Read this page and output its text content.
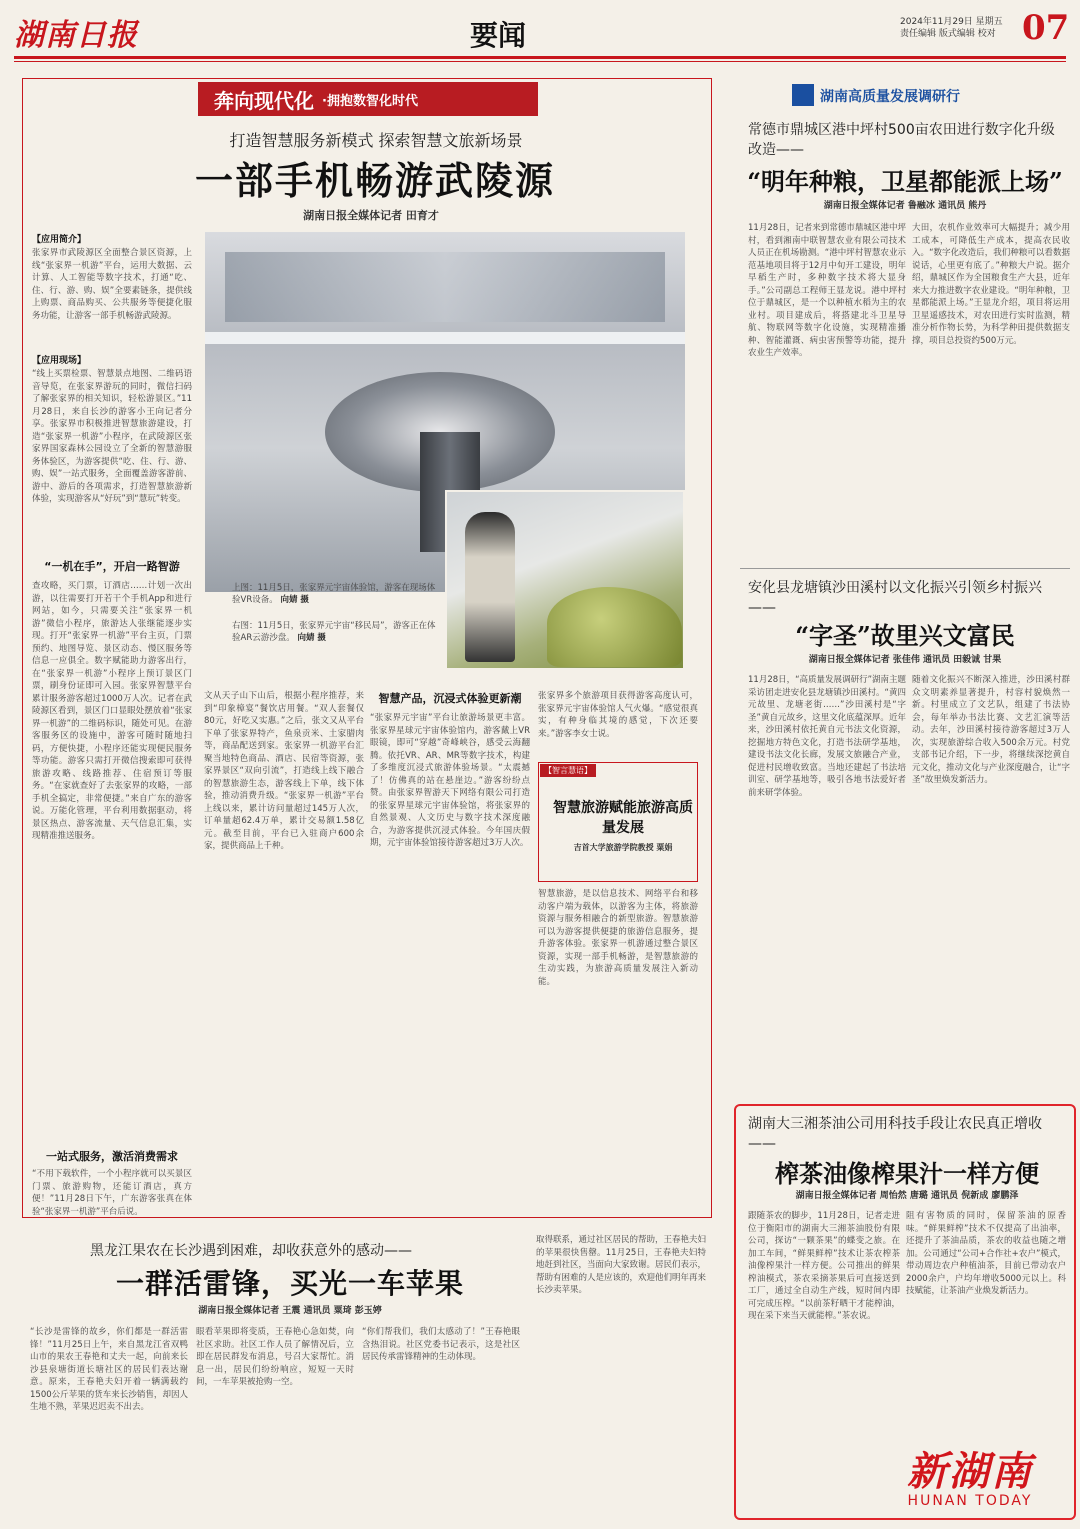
湖南日报	要闻	2024年11月29日 星期五
责任编辑 版式编辑 校对 07
奔向现代化 ·拥抱数智化时代
打造智慧服务新模式 探索智慧文旅新场景
一部手机畅游武陵源
湖南日报全媒体记者 田育才
【应用简介】
张家界市武陵源区全面整合景区资源，上线“张家界一机游”平台，运用大数据、云计算、人工智能等数字技术，打通“吃、住、行、游、购、娱”全要素链条，提供线上购票、商品购买、公共服务等便捷化服务功能，让游客一部手机畅游武陵源。
【应用现场】
“线上买票检票、智慧景点地图、二维码语音导览，在张家界游玩的同时，微信扫码了解张家界的相关知识，轻松游景区。”11月28日，来自长沙的游客小王向记者分享。张家界市积极推进智慧旅游建设，打造“张家界一机游”小程序，在武陵源区张家界国家森林公园设立了全新的智慧游服务体验区，为游客提供“吃、住、行、游、购、娱”一站式服务，全面覆盖游客游前、游中、游后的各项需求，打造智慧旅游新体验，实现游客从“好玩”到“慧玩”转变。
“一机在手”，开启一路智游
查攻略，买门票，订酒店……计划一次出游，以往需要打开若干个手机App和进行网站，如今，只需要关注“张家界一机游”微信小程序，旅游达人张继能逐步实现。打开“张家界一机游”平台主页，门票预约、地图导览、景区动态、慢区服务等信息一应俱全。数字赋能助力游客出行，在“张家界一机游”小程序上预订景区门票，刷身份证即可入园。张家界智慧平台累计服务游客超过1000万人次。记者在武陵源区看到，景区门口显眼处摆放着“张家界一机游”的二维码标识，随处可见。在游客服务区的设施中，游客可随时随地扫码，方便快捷，小程序还能实现便民服务等功能。游客只需打开微信搜索即可获得旅游攻略、线路推荐、住宿预订等服务。“在家就查好了去张家界的攻略，一部手机全搞定，非常便捷。”来自广东的游客说。万能化管理，平台利用数据驱动，将景区热点、游客流量、天气信息汇集，实现精准推送服务。
一站式服务，激活消费需求
“不用下载软件，一个小程序就可以买景区门票、旅游购物，还能订酒店，真方便！”11月28日下午，广东游客张真在体验“张家界一机游”平台后说。
上图：11月5日，张家界元宇宙体验馆，游客在现场体验VR设备。 向婧 摄
右图：11月5日，张家界元宇宙“移民局”，游客正在体验AR云游沙盘。 向婧 摄
文从天子山下山后，根据小程序推荐，来到“印象樟宴”餐饮店用餐。“双人套餐仅80元，好吃又实惠。”之后，张文又从平台下单了张家界特产，鱼泉贡米、土家腊肉等，商品配送到家。张家界一机游平台汇聚当地特色商品、酒店、民宿等资源，张家界景区“双向引流”，打造线上线下融合的智慧旅游生态，游客线上下单，线下体验，推动消费升级。“张家界一机游”平台上线以来，累计访问量超过145万人次，订单量超62.4万单，累计交易额1.58亿元。截至目前，平台已入驻商户600余家，提供商品上千种。
智慧产品，沉浸式体验更新潮
“张家界元宇宙”平台让旅游场景更丰富。张家界星球元宇宙体验馆内，游客戴上VR眼镜，即可“穿越”奇峰峡谷，感受云海翻腾。依托VR、AR、MR等数字技术，构建了多维度沉浸式旅游体验场景。“太震撼了！仿佛真的站在悬崖边。”游客纷纷点赞。由张家界智游天下网络有限公司打造的张家界星球元宇宙体验馆，将张家界的自然景观、人文历史与数字技术深度融合，为游客提供沉浸式体验。今年国庆假期，元宇宙体验馆接待游客超过3万人次。
张家界多个旅游项目获得游客高度认可，张家界元宇宙体验馆人气火爆。“感觉很真实，有种身临其境的感觉，下次还要来。”游客李女士说。
【智言慧语】
智慧旅游赋能旅游高质量发展
吉首大学旅游学院教授 粟娟
智慧旅游，是以信息技术、网络平台和移动客户端为载体，以游客为主体，将旅游资源与服务相融合的新型旅游。智慧旅游可以为游客提供便捷的旅游信息服务，提升游客体验。张家界一机游通过整合景区资源，实现一部手机畅游，是智慧旅游的生动实践，为旅游高质量发展注入新动能。
湖南高质量发展调研行
常德市鼎城区港中坪村500亩农田进行数字化升级改造——
“明年种粮，卫星都能派上场”
湖南日报全媒体记者 鲁融冰 通讯员 熊丹
11月28日，记者来到常德市鼎城区港中坪村，看到湘南中联智慧农业有限公司技术人员正在机场勘测。“港中坪村智慧农业示范基地项目将于12月中旬开工建设，明年早稻生产时，多种数字技术将大显身手。”公司副总工程师王显龙说。港中坪村位于鼎城区，是一个以种植水稻为主的农业村。项目建成后，将搭建北斗卫星导航、物联网等数字化设施，实现精准播种、智能灌溉、病虫害预警等功能，提升农业生产效率。
大田，农机作业效率可大幅提升；减少用工成本，可降低生产成本，提高农民收入。“数字化改造后，我们种粮可以看数据说话，心里更有底了。”种粮大户说。据介绍，鼎城区作为全国粮食生产大县，近年来大力推进数字农业建设。“明年种粮，卫星都能派上场。”王显龙介绍，项目将运用卫星遥感技术，对农田进行实时监测，精准分析作物长势，为科学种田提供数据支撑，项目总投资约500万元。
安化县龙塘镇沙田溪村以文化振兴引领乡村振兴——
“字圣”故里兴文富民
湖南日报全媒体记者 张佳伟 通讯员 田毅诚 甘果
11月28日，“高质量发展调研行”湖南主题采访团走进安化县龙塘镇沙田溪村。“黄四元故里、龙塘老街……”沙田溪村是“字圣”黄自元故乡，这里文化底蕴深厚。近年来，沙田溪村依托黄自元书法文化资源，挖掘地方特色文化，打造书法研学基地，建设书法文化长廊，发展文旅融合产业，促进村民增收致富。当地还建起了书法培训室、研学基地等，吸引各地书法爱好者前来研学体验。
随着文化振兴不断深入推进，沙田溪村群众文明素养显著提升，村容村貌焕然一新。村里成立了文艺队，组建了书法协会，每年举办书法比赛、文艺汇演等活动。去年，沙田溪村接待游客超过3万人次，实现旅游综合收入500余万元。村党支部书记介绍，下一步，将继续深挖黄自元文化，推动文化与产业深度融合，让“字圣”故里焕发新活力。
湖南大三湘茶油公司用科技手段让农民真正增收——
榨茶油像榨果汁一样方便
湖南日报全媒体记者 周怡然 唐璐 通讯员 倪新成 廖鹏泽
跟随茶农的脚步，11月28日，记者走进位于衡阳市的湖南大三湘茶油股份有限公司，探访“一颗茶果”的蝶变之旅。在加工车间，“鲜果鲜榨”技术让茶农榨茶油像榨果汁一样方便。公司推出的鲜果榨油模式，茶农采摘茶果后可直接送到工厂，通过全自动生产线，短时间内即可完成压榨。“以前茶籽晒干才能榨油，现在采下来当天就能榨。”茶农说。
阻有害物质的同时，保留茶油的原香味。“鲜果鲜榨”技术不仅提高了出油率，还提升了茶油品质，茶农的收益也随之增加。公司通过“公司+合作社+农户”模式，带动周边农户种植油茶，目前已带动农户2000余户，户均年增收5000元以上。科技赋能，让茶油产业焕发新活力。
黑龙江果农在长沙遇到困难，却收获意外的感动——
一群活雷锋，买光一车苹果
湖南日报全媒体记者 王震 通讯员 粟琦 彭玉婷
“长沙是雷锋的故乡，你们都是一群活雷锋！”11月25日上午，来自黑龙江省双鸭山市的果农王春艳和丈夫一起，向前来长沙县泉塘街道长塘社区的居民们表达谢意。原来，王春艳夫妇开着一辆满载约1500公斤苹果的货车来长沙销售，却因人生地不熟，苹果迟迟卖不出去。
眼看苹果即将变质，王春艳心急如焚，向社区求助。社区工作人员了解情况后，立即在居民群发布消息，号召大家帮忙。消息一出，居民们纷纷响应，短短一天时间，一车苹果被抢购一空。
“你们帮我们，我们太感动了！”王春艳眼含热泪说。社区党委书记表示，这是社区居民传承雷锋精神的生动体现。
取得联系，通过社区居民的帮助，王春艳夫妇的苹果很快售罄。11月25日，王春艳夫妇特地赶到社区，当面向大家致谢。居民们表示，帮助有困难的人是应该的，欢迎他们明年再来长沙卖苹果。
新湖南
HUNAN TODAY
